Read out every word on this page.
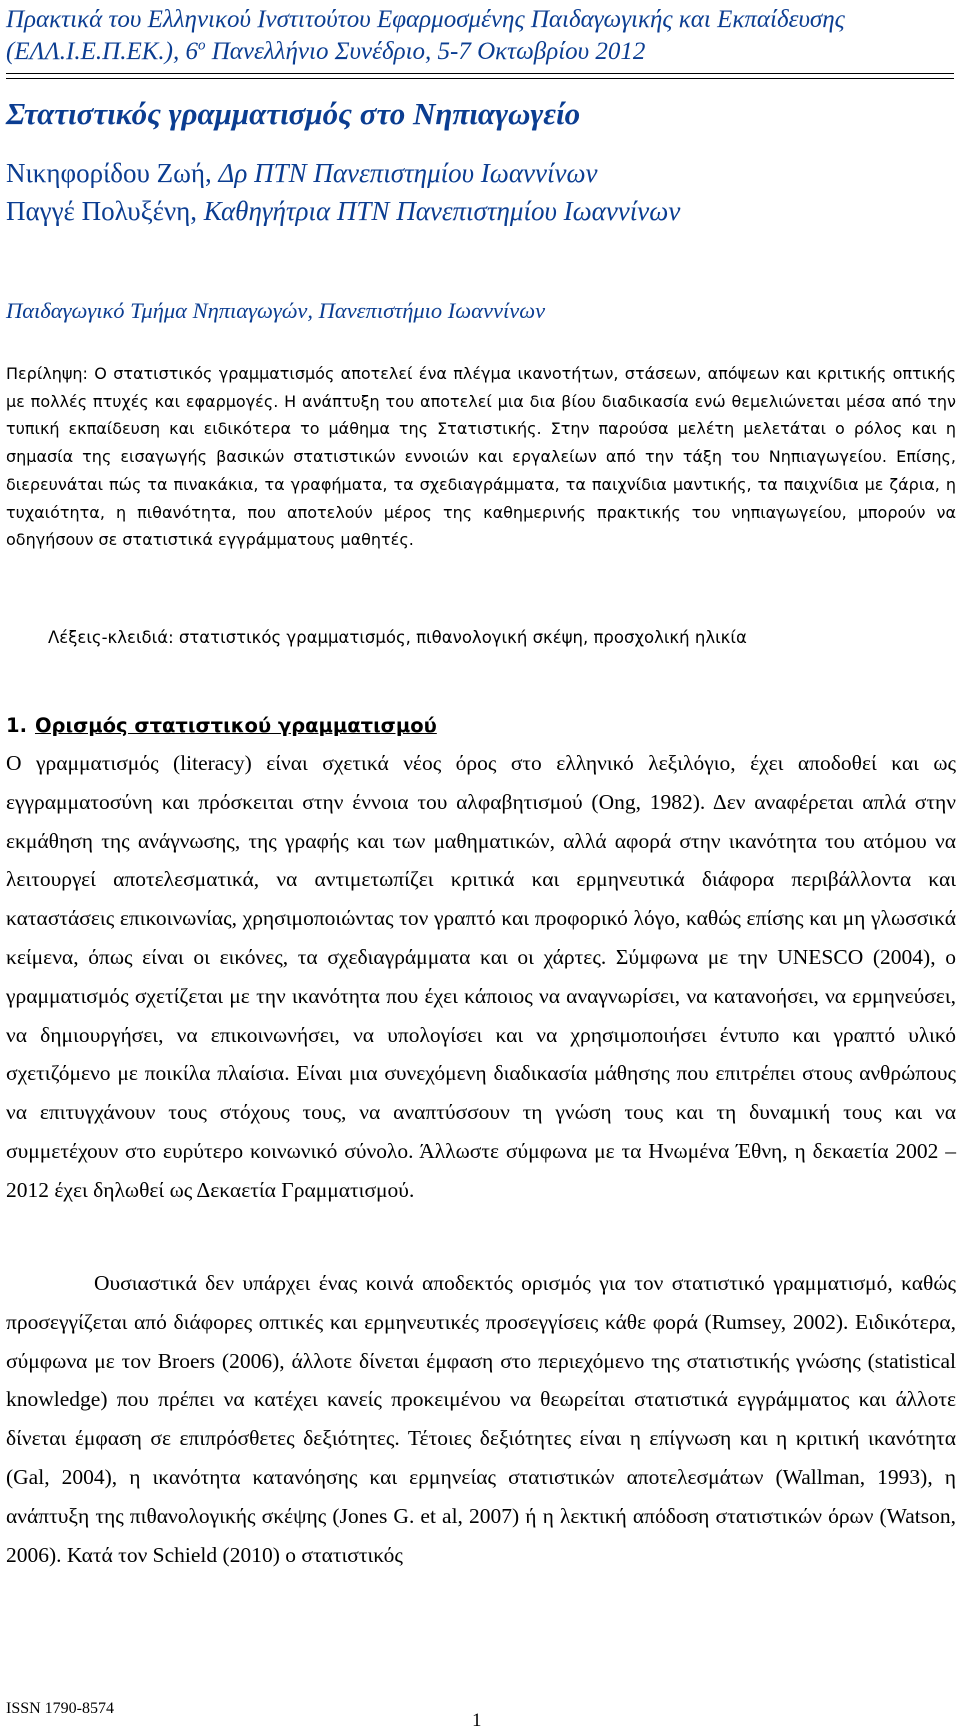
Πρακτικά του Ελληνικού Ινστιτούτου Εφαρμοσμένης Παιδαγωγικής και Εκπαίδευσης
(ΕΛΛ.Ι.Ε.Π.ΕΚ.), $6^o$ Πανελλήνιο Συνέδριο, 5-7 Οκτωβρίου 2012
Στατιστικός γραμματισμός στο Νηπιαγωγείο
Νικηφορίδου Ζωή, Δρ ΠΤΝ Πανεπιστημίου Ιωαννίνων
Παγγέ Πολυξένη, Καθηγήτρια ΠΤΝ Πανεπιστημίου Ιωαννίνων
Παιδαγωγικό Τμήμα Νηπιαγωγών, Πανεπιστήμιο Ιωαννίνων
Περίληψη: Ο στατιστικός γραμματισμός αποτελεί ένα πλέγμα ικανοτήτων, στάσεων, απόψεων και κριτικής οπτικής με πολλές πτυχές και εφαρμογές. Η ανάπτυξη του αποτελεί μια δια βίου διαδικασία ενώ θεμελιώνεται μέσα από την τυπική εκπαίδευση και ειδικότερα το μάθημα της Στατιστικής. Στην παρούσα μελέτη μελετάται ο ρόλος και η σημασία της εισαγωγής βασικών στατιστικών εννοιών και εργαλείων από την τάξη του Νηπιαγωγείου. Επίσης, διερευνάται πώς τα πινακάκια, τα γραφήματα, τα σχεδιαγράμματα, τα παιχνίδια μαντικής, τα παιχνίδια με ζάρια, η τυχαιότητα, η πιθανότητα, που αποτελούν μέρος της καθημερινής πρακτικής του νηπιαγωγείου, μπορούν να οδηγήσουν σε στατιστικά εγγράμματους μαθητές.
Λέξεις-κλειδιά: στατιστικός γραμματισμός, πιθανολογική σκέψη, προσχολική ηλικία
1. Ορισμός στατιστικού γραμματισμού
Ο γραμματισμός (literacy) είναι σχετικά νέος όρος στο ελληνικό λεξιλόγιο, έχει αποδοθεί και ως εγγραμματοσύνη και πρόσκειται στην έννοια του αλφαβητισμού (Ong, 1982). Δεν αναφέρεται απλά στην εκμάθηση της ανάγνωσης, της γραφής και των μαθηματικών, αλλά αφορά στην ικανότητα του ατόμου να λειτουργεί αποτελεσματικά, να αντιμετωπίζει κριτικά και ερμηνευτικά διάφορα περιβάλλοντα και καταστάσεις επικοινωνίας, χρησιμοποιώντας τον γραπτό και προφορικό λόγο, καθώς επίσης και μη γλωσσικά κείμενα, όπως είναι οι εικόνες, τα σχεδιαγράμματα και οι χάρτες. Σύμφωνα με την UNESCO (2004), ο γραμματισμός σχετίζεται με την ικανότητα που έχει κάποιος να αναγνωρίσει, να κατανοήσει, να ερμηνεύσει, να δημιουργήσει, να επικοινωνήσει, να υπολογίσει και να χρησιμοποιήσει έντυπο και γραπτό υλικό σχετιζόμενο με ποικίλα πλαίσια. Είναι μια συνεχόμενη διαδικασία μάθησης που επιτρέπει στους ανθρώπους να επιτυγχάνουν τους στόχους τους, να αναπτύσσουν τη γνώση τους και τη δυναμική τους και να συμμετέχουν στο ευρύτερο κοινωνικό σύνολο. Άλλωστε σύμφωνα με τα Ηνωμένα Έθνη, η δεκαετία 2002 – 2012 έχει δηλωθεί ως Δεκαετία Γραμματισμού.
Ουσιαστικά δεν υπάρχει ένας κοινά αποδεκτός ορισμός για τον στατιστικό γραμματισμό, καθώς προσεγγίζεται από διάφορες οπτικές και ερμηνευτικές προσεγγίσεις κάθε φορά (Rumsey, 2002). Ειδικότερα, σύμφωνα με τον Broers (2006), άλλοτε δίνεται έμφαση στο περιεχόμενο της στατιστικής γνώσης (statistical knowledge) που πρέπει να κατέχει κανείς προκειμένου να θεωρείται στατιστικά εγγράμματος και άλλοτε δίνεται έμφαση σε επιπρόσθετες δεξιότητες. Τέτοιες δεξιότητες είναι η επίγνωση και η κριτική ικανότητα (Gal, 2004), η ικανότητα κατανόησης και ερμηνείας στατιστικών αποτελεσμάτων (Wallman, 1993), η ανάπτυξη της πιθανολογικής σκέψης (Jones G. et al, 2007) ή η λεκτική απόδοση στατιστικών όρων (Watson, 2006). Κατά τον Schield (2010) ο στατιστικός
ISSN 1790-8574
1
